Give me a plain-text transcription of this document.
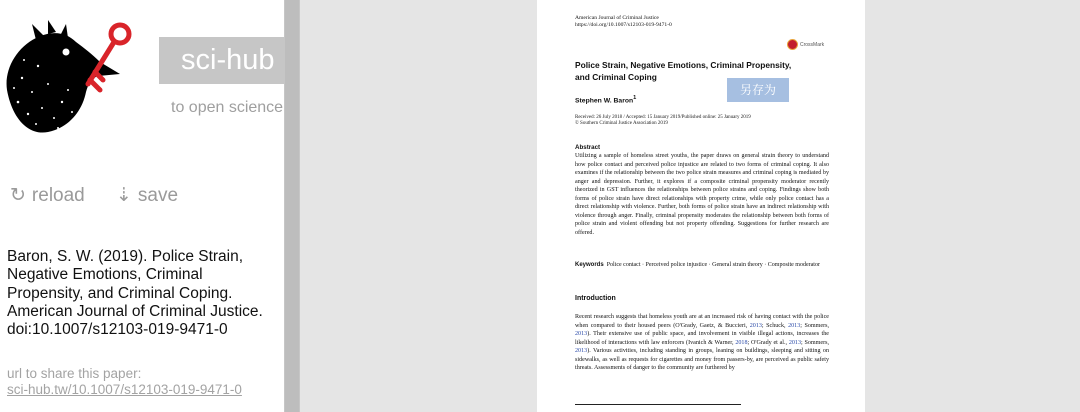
sci-hub
to open science
↻ reload ⇣ save
Baron, S. W. (2019). Police Strain, Negative Emotions, Criminal Propensity, and Criminal Coping. American Journal of Criminal Justice. doi:10.1007/s12103-019-9471-0
url to share this paper:
sci-hub.tw/10.1007/s12103-019-9471-0
American Journal of Criminal Justice
https://doi.org/10.1007/s12103-019-9471-0
CrossMark
Police Strain, Negative Emotions, Criminal Propensity, and Criminal Coping
Stephen W. Baron$^1$
Received: 26 July 2018 / Accepted: 15 January 2019/Published online: 25 January 2019
© Southern Criminal Justice Association 2019
Abstract
Utilizing a sample of homeless street youths, the paper draws on general strain theory to understand how police contact and perceived police injustice are related to two forms of criminal coping. It also examines if the relationship between the two police strain measures and criminal coping is mediated by anger and depression. Further, it explores if a composite criminal propensity moderator recently theorized in GST influences the relationships between police strains and coping. Findings show both forms of police strain have direct relationships with property crime, while only police contact has a direct relationship with violence. Further, both forms of police strain have an indirect relationship with violence through anger. Finally, criminal propensity moderates the relationship between both forms of police strain and violent offending but not property offending. Suggestions for further research are offered.
Keywords Police contact · Perceived police injustice · General strain theory · Composite moderator
Introduction
Recent research suggests that homeless youth are at an increased risk of having contact with the police when compared to their housed peers (O'Grady, Gaetz, & Buccieri, 2013; Schuck, 2013; Sommers, 2013). Their extensive use of public space, and involvement in visible illegal actions, increases the likelihood of interactions with law enforcers (Ivanich & Warner, 2018; O'Grady et al., 2013; Sommers, 2013). Various activities, including standing in groups, leaning on buildings, sleeping and sitting on sidewalks, as well as requests for cigarettes and money from passers-by, are perceived as public safety threats. Assessments of danger to the community are furthered by
另存为
